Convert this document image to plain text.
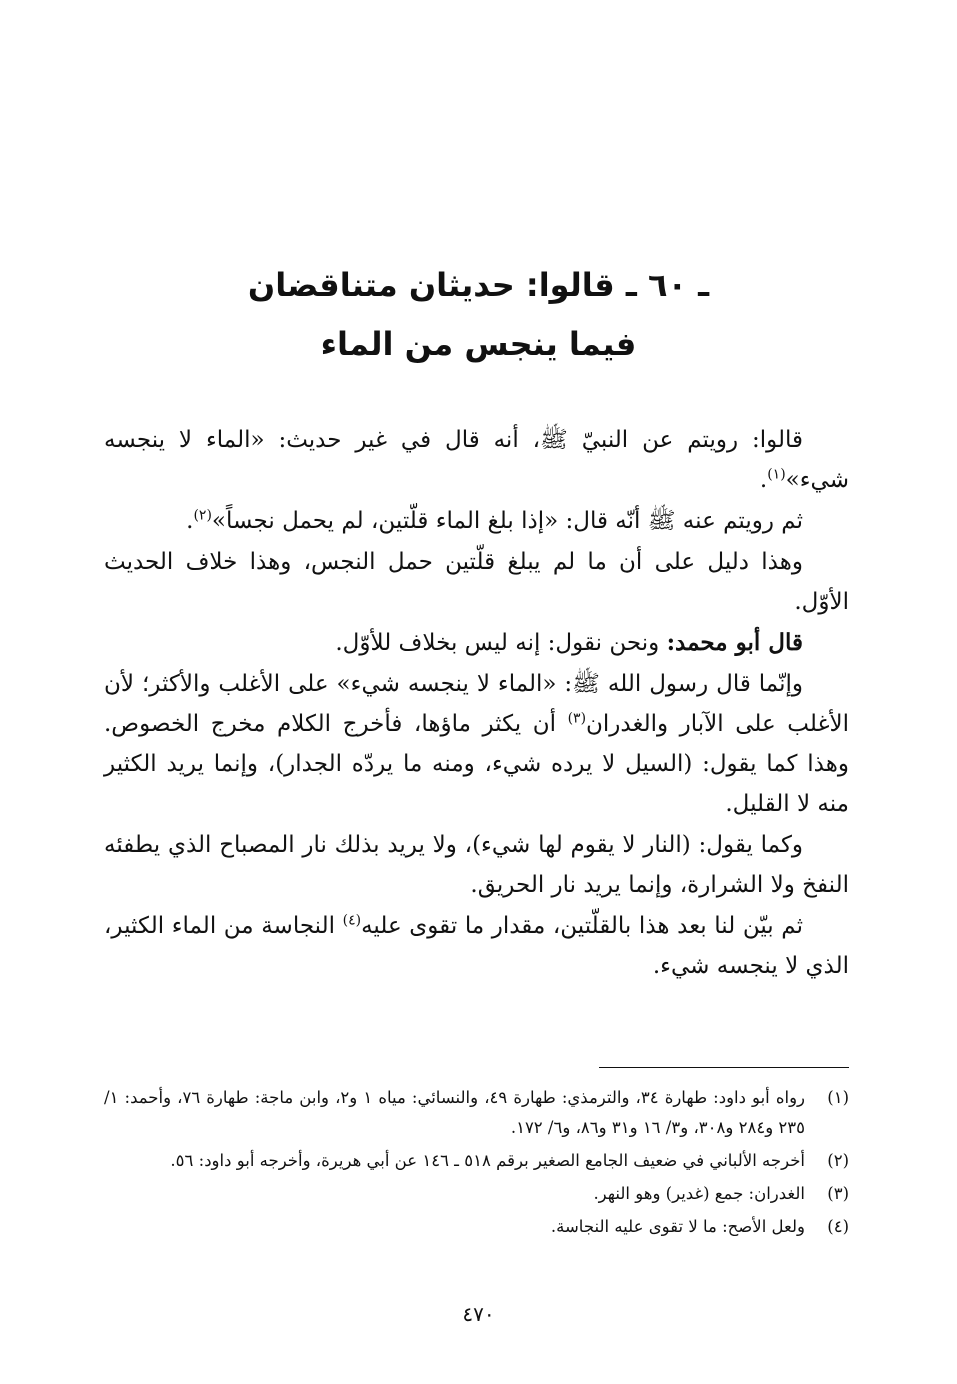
ـ ٦٠ ـ قالوا: حديثان متناقضان
فيما ينجس من الماء

قالوا: رويتم عن النبيّ ﷺ، أنه قال في غير حديث: «الماء لا ينجسه شيء»$^{(١)}$.

ثم رويتم عنه ﷺ أنّه قال: «إذا بلغ الماء قلّتين، لم يحمل نجساً»$^{(٢)}$.

وهذا دليل على أن ما لم يبلغ قلّتين حمل النجس، وهذا خلاف الحديث الأوّل.

قال أبو محمد: ونحن نقول: إنه ليس بخلاف للأوّل.

وإنّما قال رسول الله ﷺ: «الماء لا ينجسه شيء» على الأغلب والأكثر؛ لأن الأغلب على الآبار والغدران$^{(٣)}$ أن يكثر ماؤها، فأخرج الكلام مخرج الخصوص. وهذا كما يقول: (السيل لا يرده شيء، ومنه ما يردّه الجدار)، وإنما يريد الكثير منه لا القليل.

وكما يقول: (النار لا يقوم لها شيء)، ولا يريد بذلك نار المصباح الذي يطفئه النفخ ولا الشرارة، وإنما يريد نار الحريق.

ثم بيّن لنا بعد هذا بالقلّتين، مقدار ما تقوى عليه$^{(٤)}$ النجاسة من الماء الكثير، الذي لا ينجسه شيء.

(١)
رواه أبو داود: طهارة ٣٤، والترمذي: طهارة ٤٩، والنسائي: مياه ١ و٢، وابن ماجة: طهارة ٧٦، وأحمد: ١/ ٢٣٥ و٢٨٤ و٣٠٨، و٣/ ١٦ و٣١ و٨٦، و٦/ ١٧٢.
(٢)
أخرجه الألباني في ضعيف الجامع الصغير برقم ٥١٨ ـ ١٤٦ عن أبي هريرة، وأخرجه أبو داود: ٥٦.
(٣)
الغدران: جمع (غدير) وهو النهر.
(٤)
ولعل الأصح: ما لا تقوى عليه النجاسة.
٤٧٠
